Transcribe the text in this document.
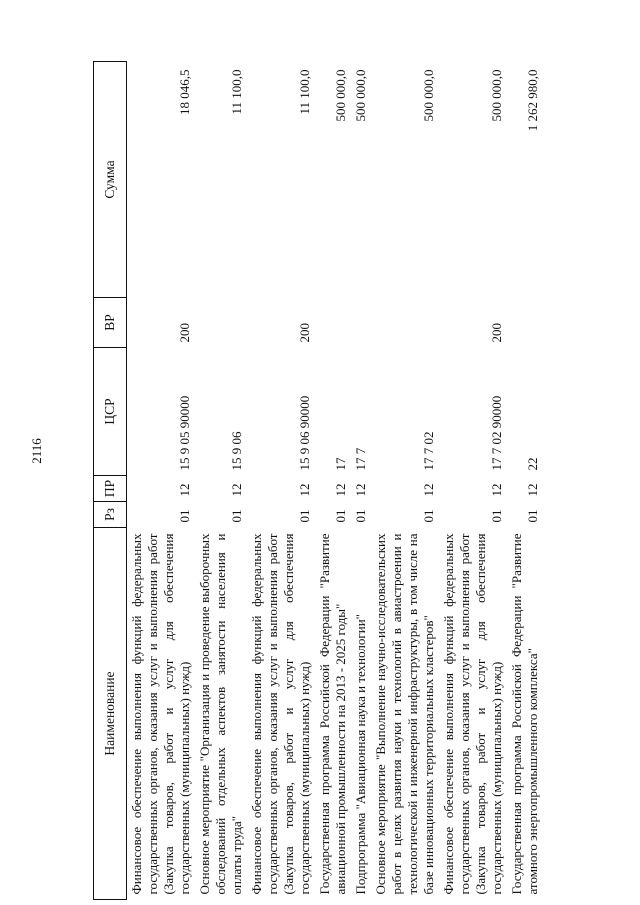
2116
Наименование	Рз	ПР	ЦСР	ВР	Сумма
Финансовое обеспечение выполнения функций федеральных государственных органов, оказания услуг и выполнения работ (Закупка товаров, работ и услуг для обеспечения государственных (муниципальных) нужд)	01	12	15 9 05 90000	200	18 046,5
Основное мероприятие "Организация и проведение выборочных обследований отдельных аспектов занятости населения и оплаты труда"	01	12	15 9 06		11 100,0
Финансовое обеспечение выполнения функций федеральных государственных органов, оказания услуг и выполнения работ (Закупка товаров, работ и услуг для обеспечения государственных (муниципальных) нужд)	01	12	15 9 06 90000	200	11 100,0
Государственная программа Российской Федерации "Развитие авиационной промышленности на 2013 - 2025 годы"	01	12	17		500 000,0
Подпрограмма "Авиационная наука и технологии"	01	12	17 7		500 000,0
Основное мероприятие "Выполнение научно-исследовательских работ в целях развития науки и технологий в авиастроении и технологической и инженерной инфраструктуры, в том числе на базе инновационных территориальных кластеров"	01	12	17 7 02		500 000,0
Финансовое обеспечение выполнения функций федеральных государственных органов, оказания услуг и выполнения работ (Закупка товаров, работ и услуг для обеспечения государственных (муниципальных) нужд)	01	12	17 7 02 90000	200	500 000,0
Государственная программа Российской Федерации "Развитие атомного энергопромышленного комплекса"	01	12	22		1 262 980,0
